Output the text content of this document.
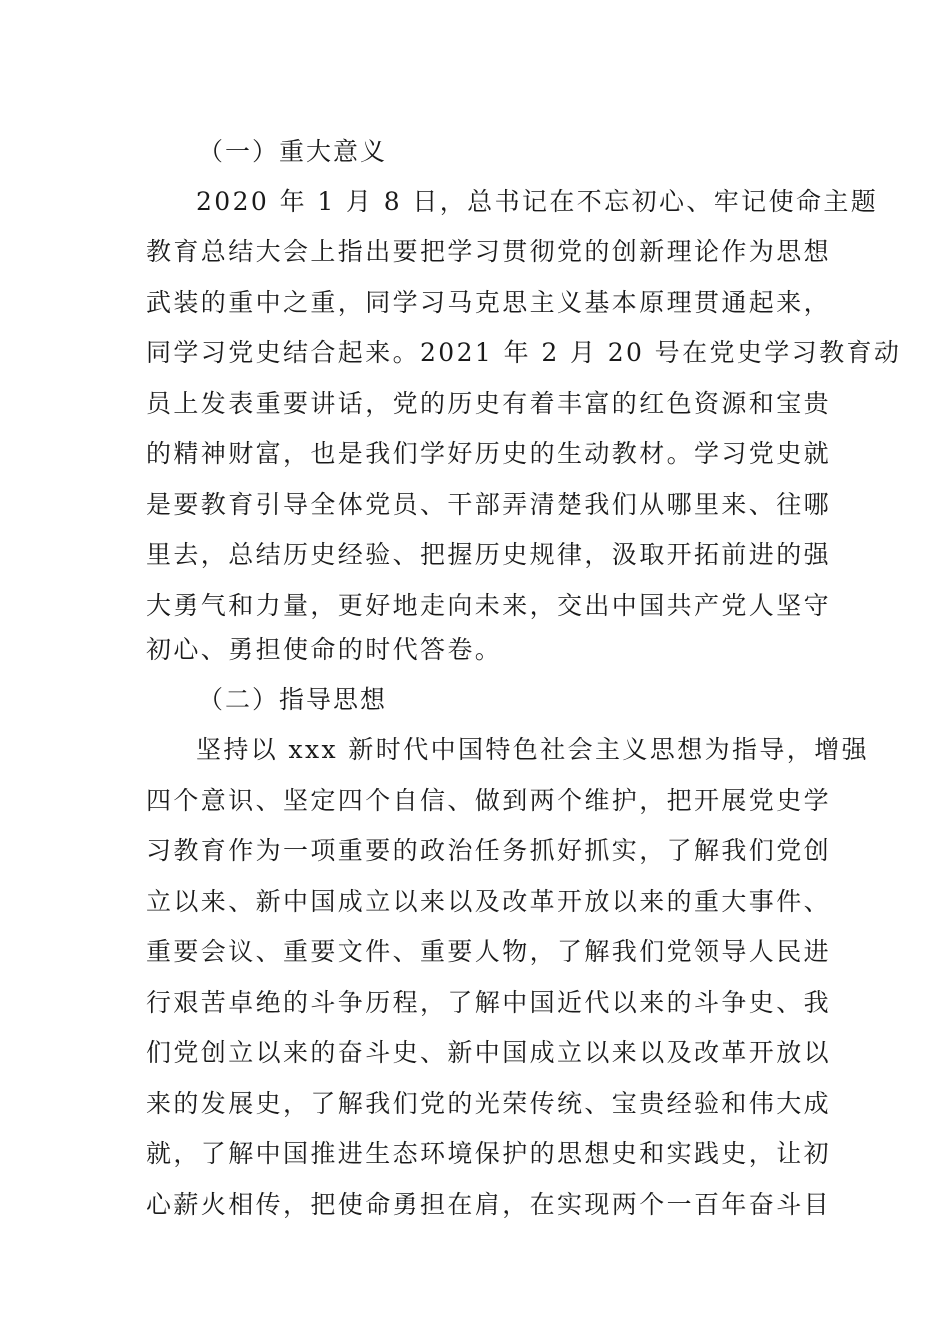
（一）重大意义
2020 年 1 月 8 日，总书记在不忘初心、牢记使命主题
教育总结大会上指出要把学习贯彻党的创新理论作为思想
武装的重中之重，同学习马克思主义基本原理贯通起来，
同学习党史结合起来。2021 年 2 月 20 号在党史学习教育动
员上发表重要讲话，党的历史有着丰富的红色资源和宝贵
的精神财富，也是我们学好历史的生动教材。学习党史就
是要教育引导全体党员、干部弄清楚我们从哪里来、往哪
里去，总结历史经验、把握历史规律，汲取开拓前进的强
大勇气和力量，更好地走向未来，交出中国共产党人坚守
初心、勇担使命的时代答卷。
（二）指导思想
坚持以 xxx 新时代中国特色社会主义思想为指导，增强
四个意识、坚定四个自信、做到两个维护，把开展党史学
习教育作为一项重要的政治任务抓好抓实，了解我们党创
立以来、新中国成立以来以及改革开放以来的重大事件、
重要会议、重要文件、重要人物，了解我们党领导人民进
行艰苦卓绝的斗争历程，了解中国近代以来的斗争史、我
们党创立以来的奋斗史、新中国成立以来以及改革开放以
来的发展史，了解我们党的光荣传统、宝贵经验和伟大成
就，了解中国推进生态环境保护的思想史和实践史，让初
心薪火相传，把使命勇担在肩，在实现两个一百年奋斗目
